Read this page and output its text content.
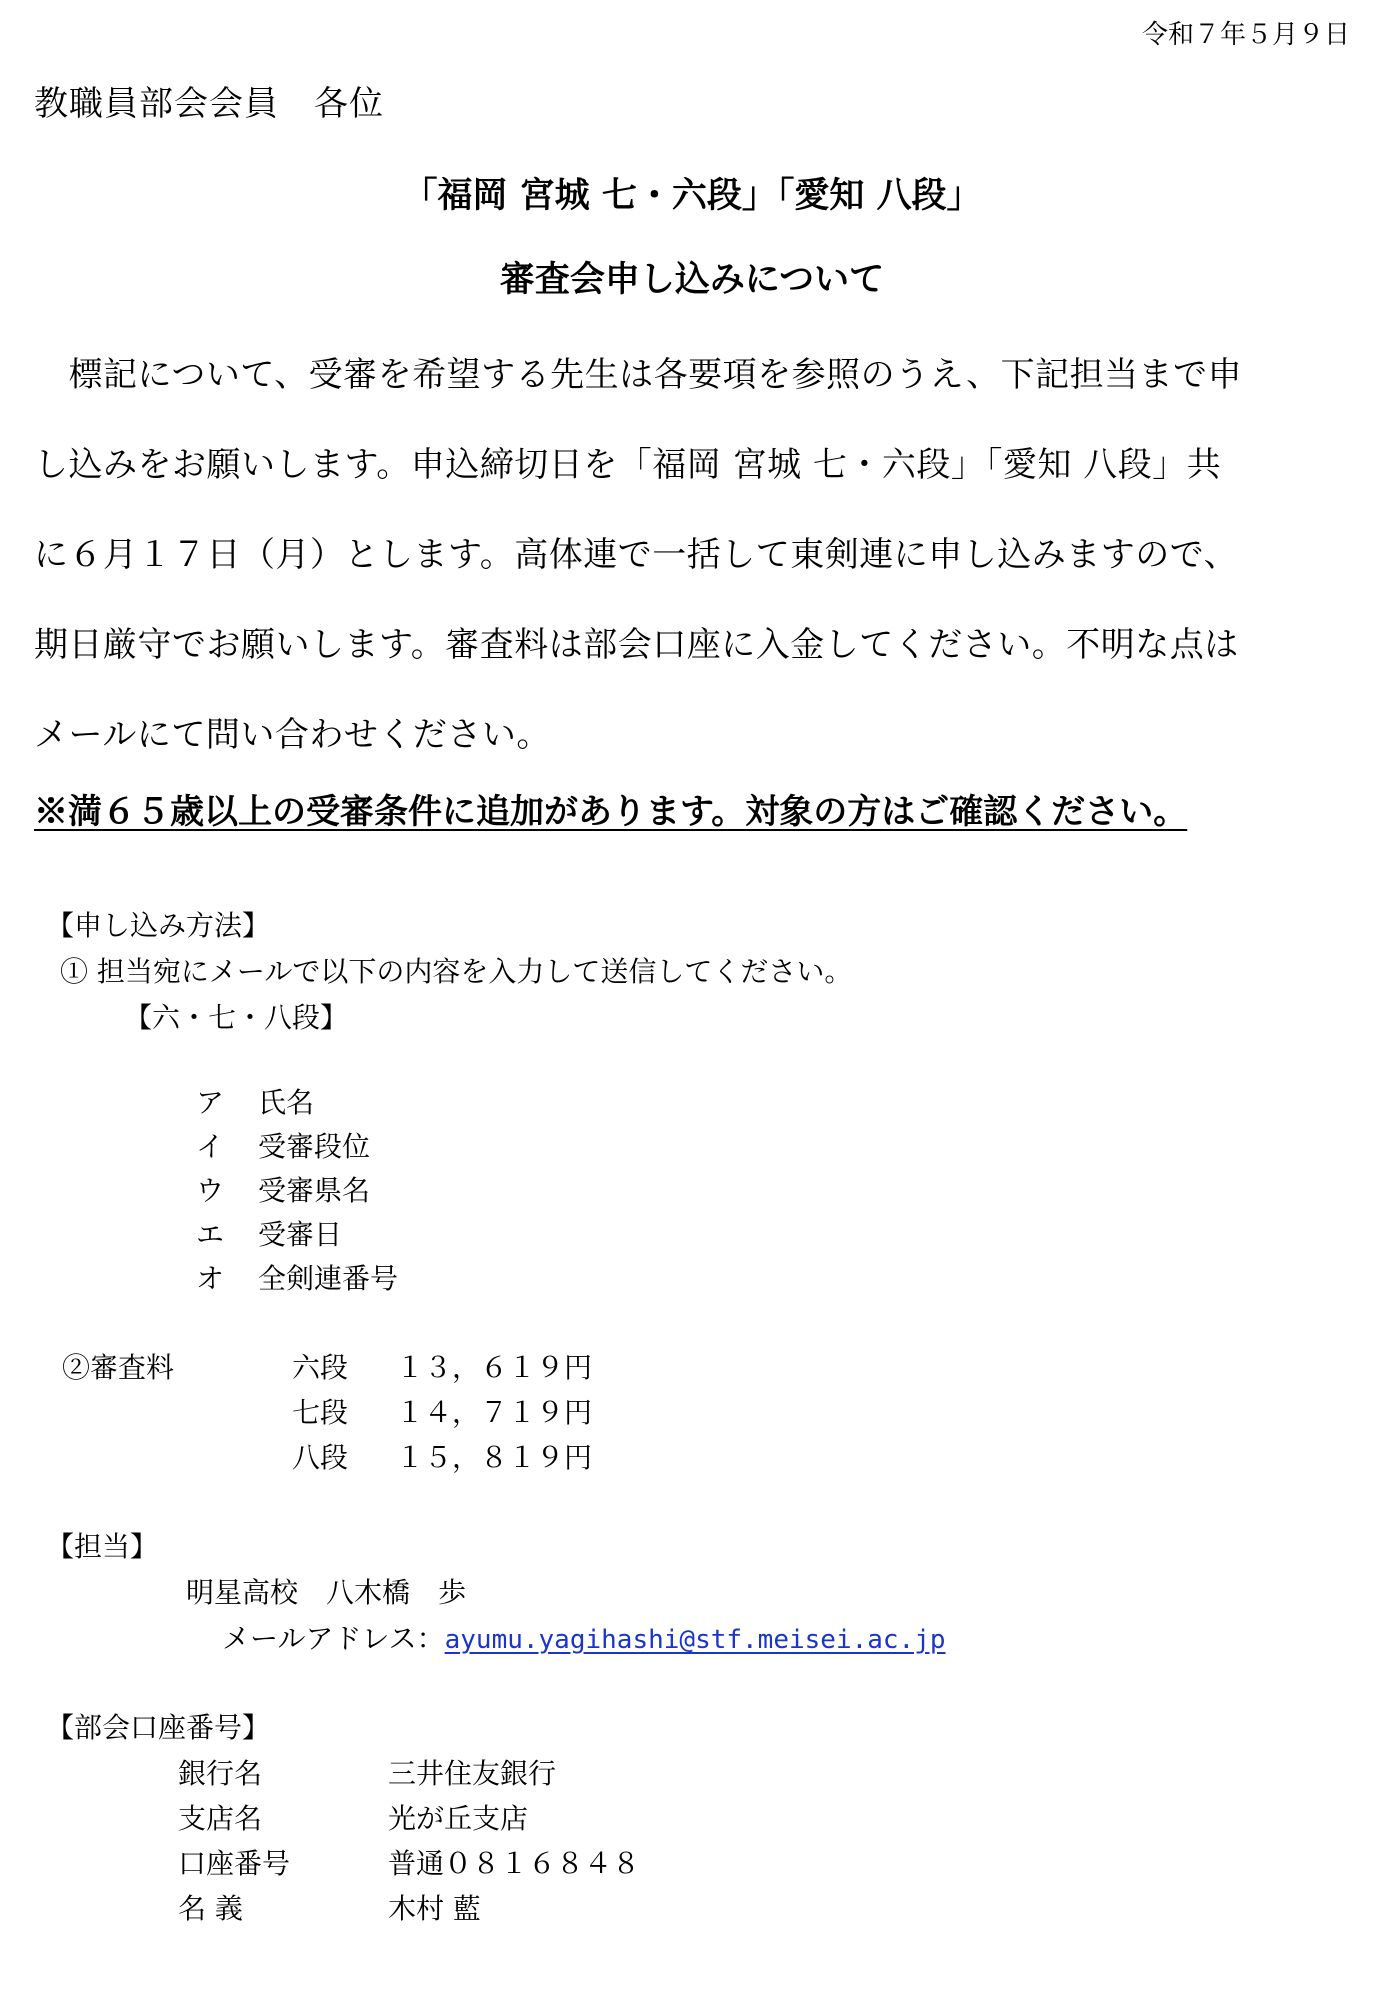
令和７年５月９日
教職員部会会員　各位
「福岡 宮城 七・六段」「愛知 八段」
審査会申し込みについて

　標記について、受審を希望する先生は各要項を参照のうえ、下記担当まで申

し込みをお願いします。申込締切日を「福岡 宮城 七・六段」「愛知 八段」共

に６月１７日（月）とします。高体連で一括して東剣連に申し込みますので、

期日厳守でお願いします。審査料は部会口座に入金してください。不明な点は

メールにて問い合わせください。

※満６５歳以上の受審条件に追加があります。対象の方はご確認ください。
【申し込み方法】
① 担当宛にメールで以下の内容を入力して送信してください。
【六・七・八段】
ア 氏名
イ 受審段位
ウ 受審県名
エ 受審日
オ 全剣連番号
②審査料	六段 １３，６１９円
七段 １４，７１９円
八段 １５，８１９円
【担当】
明星高校　八木橋　歩
メールアドレス：ayumu.yagihashi@stf.meisei.ac.jp
【部会口座番号】
銀行名	三井住友銀行
支店名	光が丘支店
口座番号	普通０８１６８４８
名 義	木村 藍
